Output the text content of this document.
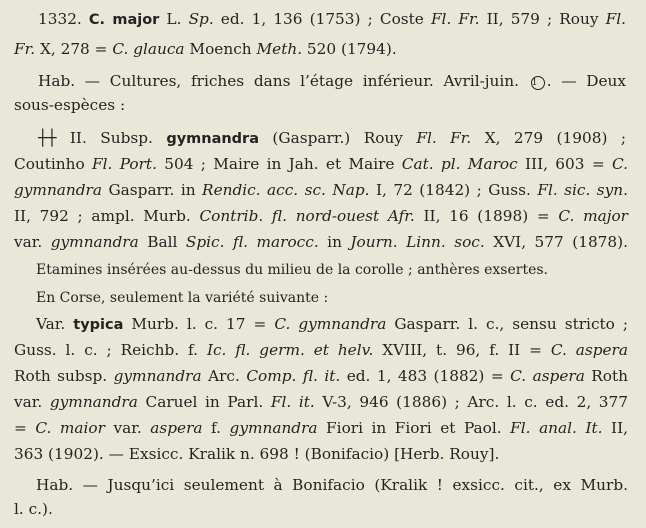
1332. C. major L. Sp. ed. 1, 136 (1753) ; Coste Fl. Fr. II, 579 ; Rouy Fl.
Fr. X, 278 = C. glauca Moench Meth. 520 (1794).
Hab. — Cultures, friches dans l’étage inférieur. Avril-juin. 1 . — Deux
sous-espèces :
┼┼ II. Subsp. gymnandra (Gasparr.) Rouy Fl. Fr. X, 279 (1908) ;
Coutinho Fl. Port. 504 ; Maire in Jah. et Maire Cat. pl. Maroc III, 603 = C.
gymnandra Gasparr. in Rendic. acc. sc. Nap. I, 72 (1842) ; Guss. Fl. sic. syn.
II, 792 ; ampl. Murb. Contrib. fl. nord-ouest Afr. II, 16 (1898) = C. major
var. gymnandra Ball Spic. fl. marocc. in Journ. Linn. soc. XVI, 577 (1878).
Etamines insérées au-dessus du milieu de la corolle ; anthères exsertes.
En Corse, seulement la variété suivante :
Var. typica Murb. l. c. 17 = C. gymnandra Gasparr. l. c., sensu stricto ;
Guss. l. c. ; Reichb. f. Ic. fl. germ. et helv. XVIII, t. 96, f. II = C. aspera
Roth subsp. gymnandra Arc. Comp. fl. it. ed. 1, 483 (1882) = C. aspera Roth
var. gymnandra Caruel in Parl. Fl. it. V-3, 946 (1886) ; Arc. l. c. ed. 2, 377
= C. maior var. aspera f. gymnandra Fiori in Fiori et Paol. Fl. anal. It. II,
363 (1902). — Exsicc. Kralik n. 698 ! (Bonifacio) [Herb. Rouy].
Hab. — Jusqu’ici seulement à Bonifacio (Kralik ! exsicc. cit., ex Murb.
l. c.).
